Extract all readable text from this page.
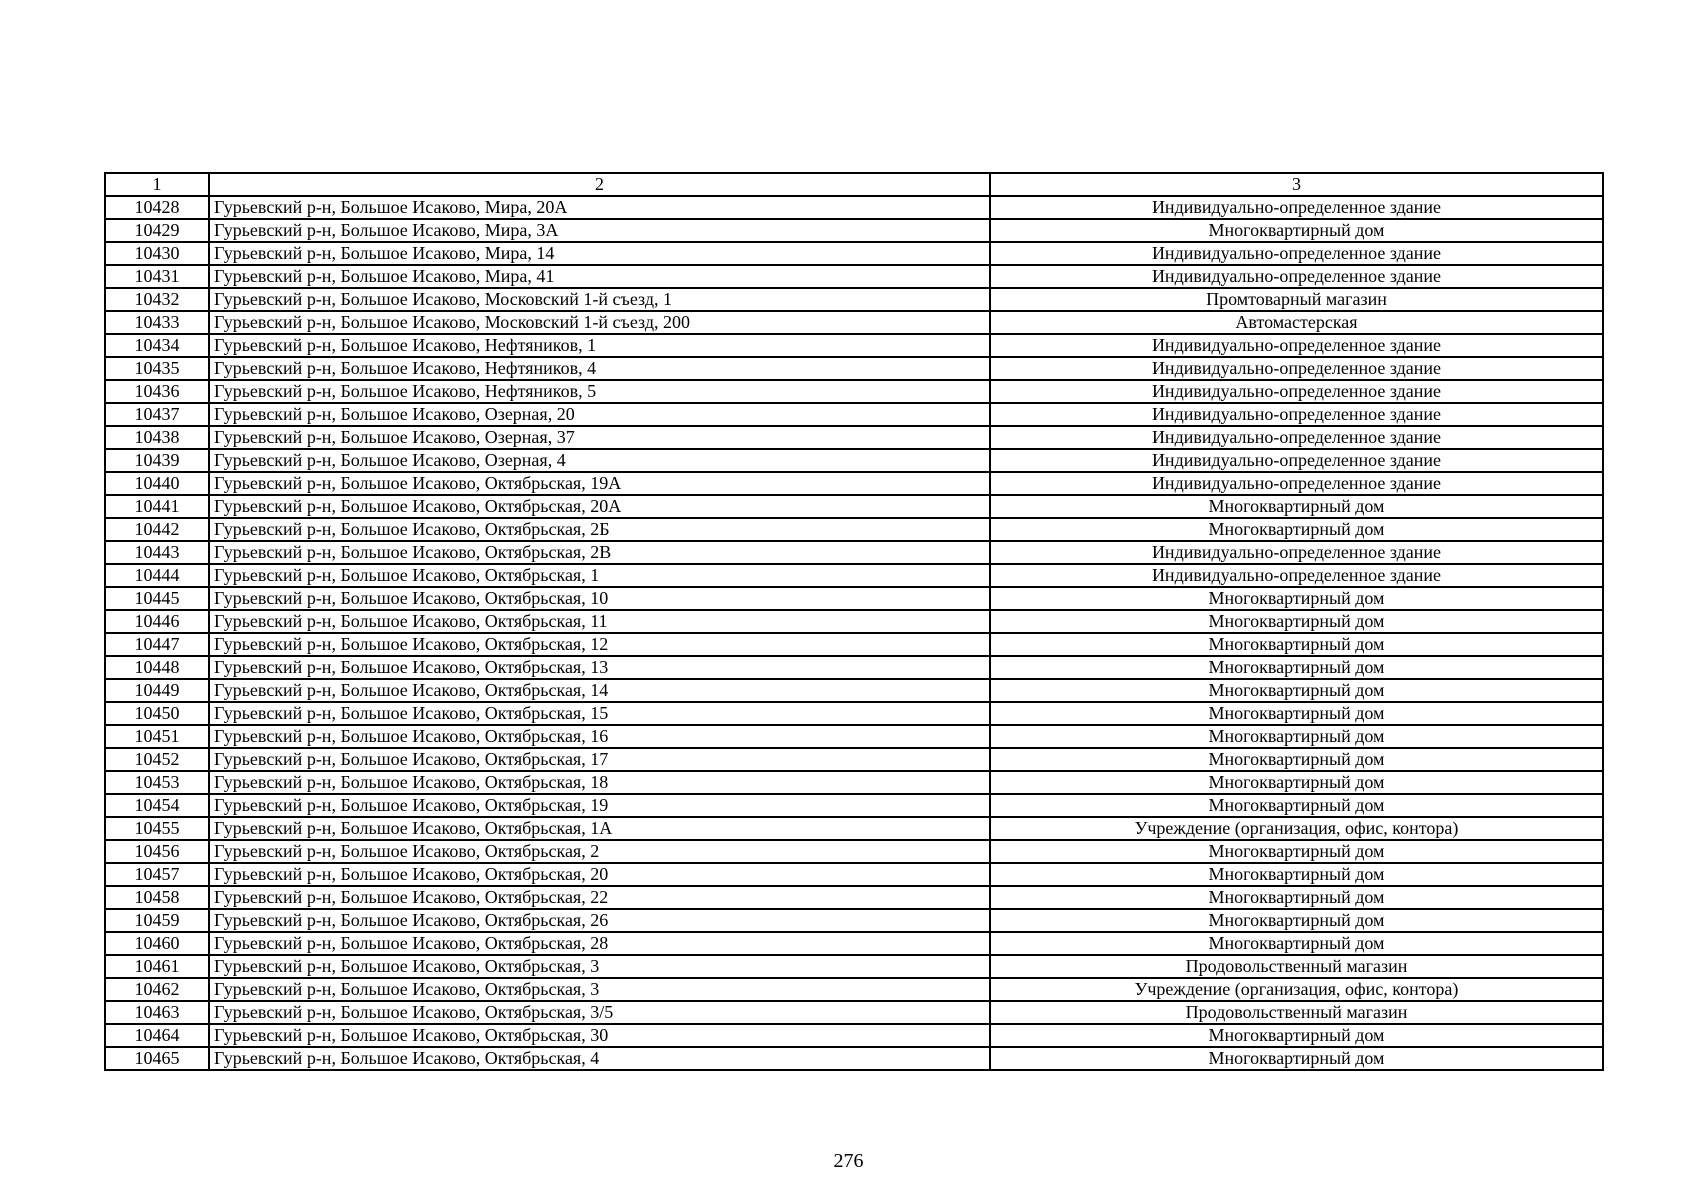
1	2	3
10428	Гурьевский р-н, Большое Исаково, Мира, 20А	Индивидуально-определенное здание
10429	Гурьевский р-н, Большое Исаково, Мира, 3А	Многоквартирный дом
10430	Гурьевский р-н, Большое Исаково, Мира, 14	Индивидуально-определенное здание
10431	Гурьевский р-н, Большое Исаково, Мира, 41	Индивидуально-определенное здание
10432	Гурьевский р-н, Большое Исаково, Московский 1-й съезд, 1	Промтоварный магазин
10433	Гурьевский р-н, Большое Исаково, Московский 1-й съезд, 200	Автомастерская
10434	Гурьевский р-н, Большое Исаково, Нефтяников, 1	Индивидуально-определенное здание
10435	Гурьевский р-н, Большое Исаково, Нефтяников, 4	Индивидуально-определенное здание
10436	Гурьевский р-н, Большое Исаково, Нефтяников, 5	Индивидуально-определенное здание
10437	Гурьевский р-н, Большое Исаково, Озерная, 20	Индивидуально-определенное здание
10438	Гурьевский р-н, Большое Исаково, Озерная, 37	Индивидуально-определенное здание
10439	Гурьевский р-н, Большое Исаково, Озерная, 4	Индивидуально-определенное здание
10440	Гурьевский р-н, Большое Исаково, Октябрьская, 19А	Индивидуально-определенное здание
10441	Гурьевский р-н, Большое Исаково, Октябрьская, 20А	Многоквартирный дом
10442	Гурьевский р-н, Большое Исаково, Октябрьская, 2Б	Многоквартирный дом
10443	Гурьевский р-н, Большое Исаково, Октябрьская, 2В	Индивидуально-определенное здание
10444	Гурьевский р-н, Большое Исаково, Октябрьская, 1	Индивидуально-определенное здание
10445	Гурьевский р-н, Большое Исаково, Октябрьская, 10	Многоквартирный дом
10446	Гурьевский р-н, Большое Исаково, Октябрьская, 11	Многоквартирный дом
10447	Гурьевский р-н, Большое Исаково, Октябрьская, 12	Многоквартирный дом
10448	Гурьевский р-н, Большое Исаково, Октябрьская, 13	Многоквартирный дом
10449	Гурьевский р-н, Большое Исаково, Октябрьская, 14	Многоквартирный дом
10450	Гурьевский р-н, Большое Исаково, Октябрьская, 15	Многоквартирный дом
10451	Гурьевский р-н, Большое Исаково, Октябрьская, 16	Многоквартирный дом
10452	Гурьевский р-н, Большое Исаково, Октябрьская, 17	Многоквартирный дом
10453	Гурьевский р-н, Большое Исаково, Октябрьская, 18	Многоквартирный дом
10454	Гурьевский р-н, Большое Исаково, Октябрьская, 19	Многоквартирный дом
10455	Гурьевский р-н, Большое Исаково, Октябрьская, 1А	Учреждение (организация, офис, контора)
10456	Гурьевский р-н, Большое Исаково, Октябрьская, 2	Многоквартирный дом
10457	Гурьевский р-н, Большое Исаково, Октябрьская, 20	Многоквартирный дом
10458	Гурьевский р-н, Большое Исаково, Октябрьская, 22	Многоквартирный дом
10459	Гурьевский р-н, Большое Исаково, Октябрьская, 26	Многоквартирный дом
10460	Гурьевский р-н, Большое Исаково, Октябрьская, 28	Многоквартирный дом
10461	Гурьевский р-н, Большое Исаково, Октябрьская, 3	Продовольственный магазин
10462	Гурьевский р-н, Большое Исаково, Октябрьская, 3	Учреждение (организация, офис, контора)
10463	Гурьевский р-н, Большое Исаково, Октябрьская, 3/5	Продовольственный магазин
10464	Гурьевский р-н, Большое Исаково, Октябрьская, 30	Многоквартирный дом
10465	Гурьевский р-н, Большое Исаково, Октябрьская, 4	Многоквартирный дом
276
